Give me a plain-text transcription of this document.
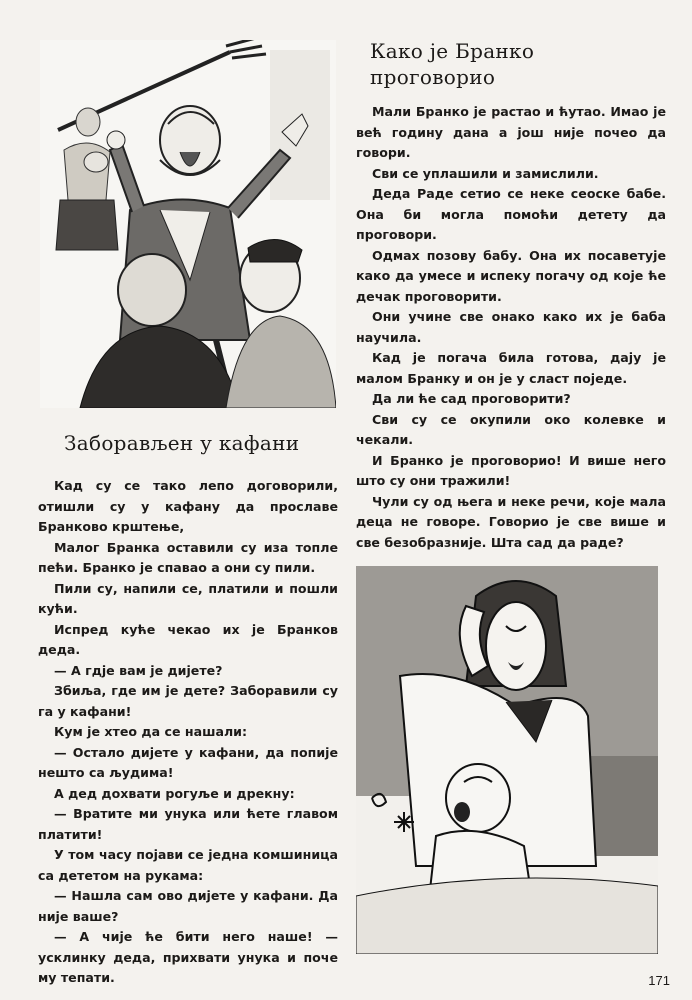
Заборављен у кафани

Кад су се тако лепо договорили, отишли су у кафану да прославе Бранково крштење,

Малог Бранка оставили су иза топле пећи. Бранко је спавао а они су пили.

Пили су, напили се, платили и пошли кући.

Испред куће чекао их је Бранков деда.

— А гдје вам је дијете?

Збиља, где им је дете? Заборавили су га у кафани!

Кум је хтео да се нашали:

— Остало дијете у кафани, да попије нешто са људима!

А дед дохвати рогуље и дрекну:

— Вратите ми унука или ћете главом платити!

У том часу појави се једна комшиница са дететом на рукама:

— Нашла сам ово дијете у кафани. Да није ваше?

— А чије ће бити него наше! — усклинку деда, прихвати унука и поче му тепати.

Како је Бранко
проговорио

Мали Бранко је растао и ћутао. Имао је већ годину дана а још није почео да говори.

Сви се уплашили и замислили.

Деда Раде сетио се неке сеоске бабе. Она би могла помоћи детету да проговори.

Одмах позову бабу. Она их посаветује како да умесе и испеку погачу од које ће дечак проговорити.

Они учине све онако како их је баба научила.

Кад је погача била готова, дају је малом Бранку и он је у сласт поједе.

Да ли ће сад проговорити?

Сви су се окупили око колевке и чекали.

И Бранко је проговорио! И више него што су они тражили!

Чули су од њега и неке речи, које мала деца не говоре. Говорио је све више и све безобразније. Шта сад да раде?

171
